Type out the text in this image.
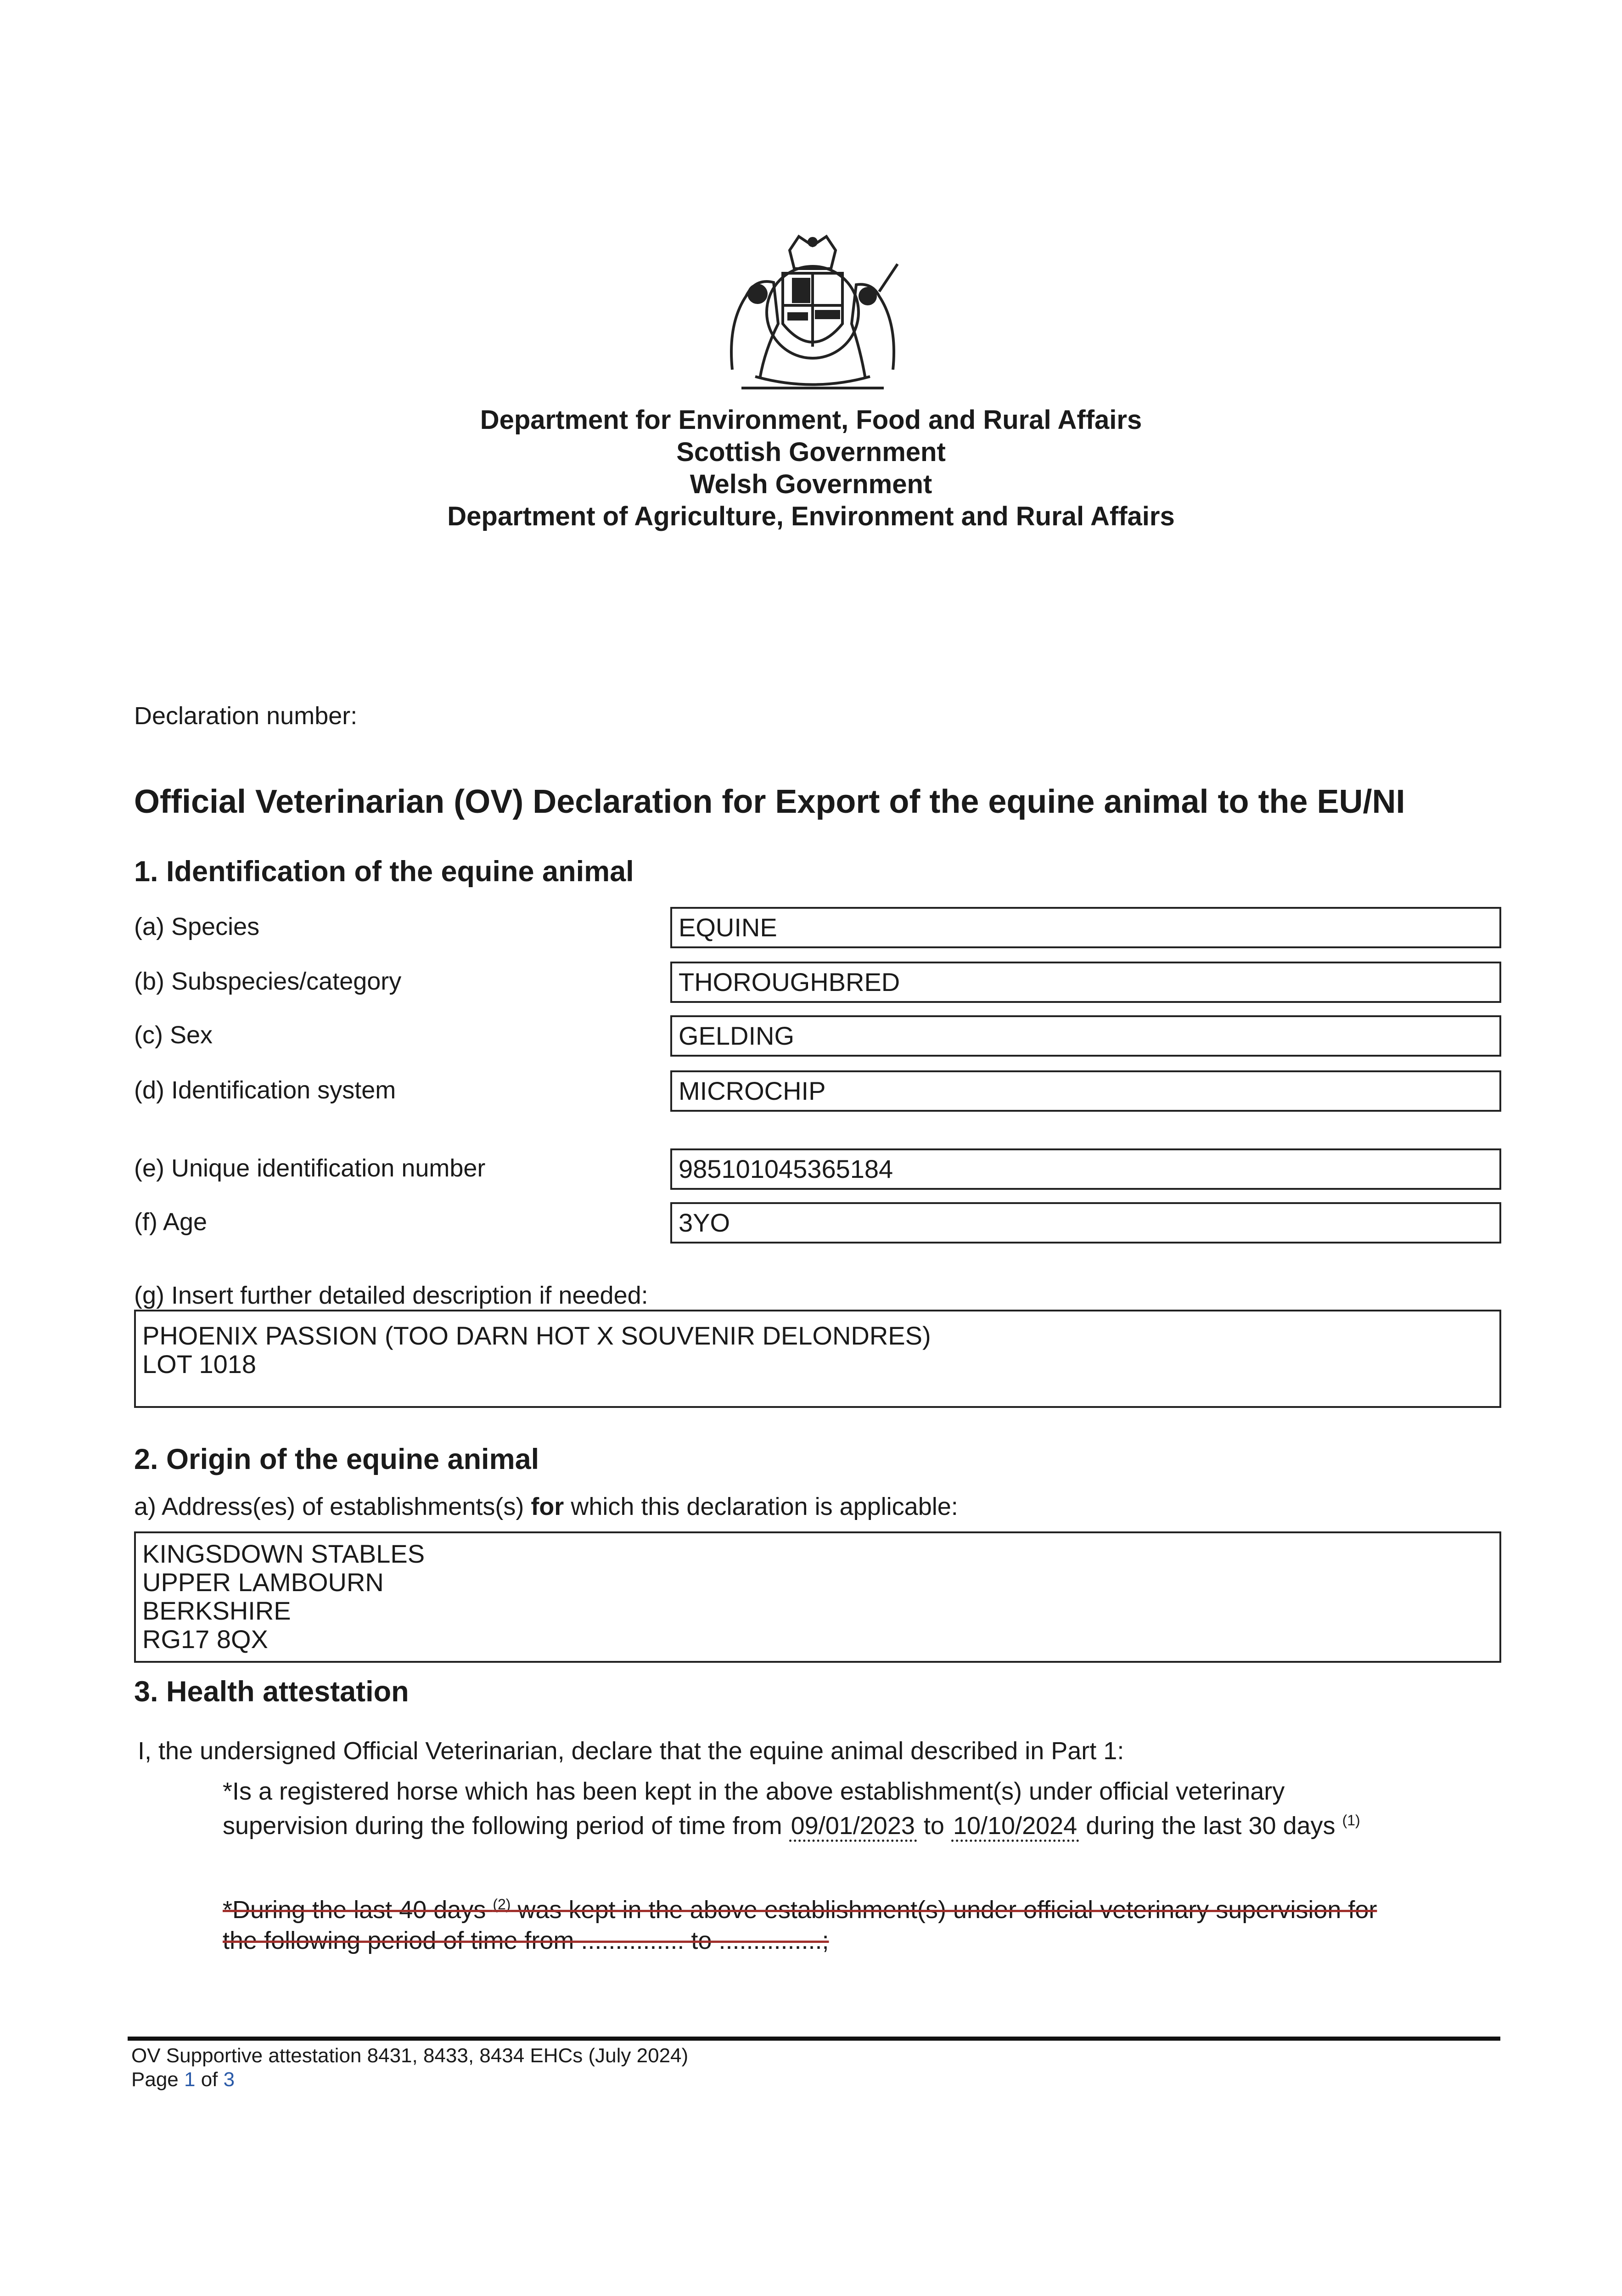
Department for Environment, Food and Rural Affairs
Scottish Government
Welsh Government
Department of Agriculture, Environment and Rural Affairs
Declaration number:
Official Veterinarian (OV) Declaration for Export of the equine animal to the EU/NI
1. Identification of the equine animal
(a) Species	EQUINE
(b) Subspecies/category	THOROUGHBRED
(c) Sex	GELDING
(d) Identification system	MICROCHIP
(e) Unique identification number	985101045365184
(f) Age	3YO
(g) Insert further detailed description if needed:
PHOENIX PASSION (TOO DARN HOT X SOUVENIR DELONDRES)
LOT 1018
2. Origin of the equine animal
a) Address(es) of establishments(s) for which this declaration is applicable:
KINGSDOWN STABLES
UPPER LAMBOURN
BERKSHIRE
RG17 8QX
3. Health attestation
I, the undersigned Official Veterinarian, declare that the equine animal described in Part 1:
*Is a registered horse which has been kept in the above establishment(s) under official veterinary
supervision during the following period of time from 09/01/2023 to 10/10/2024 during the last 30 days $^{(1)}$
*During the last 40 days $^{(2)}$ was kept in the above establishment(s) under official veterinary supervision for
the following period of time from ............... to ...............;
OV Supportive attestation 8431, 8433, 8434 EHCs (July 2024)
Page 1 of 3
